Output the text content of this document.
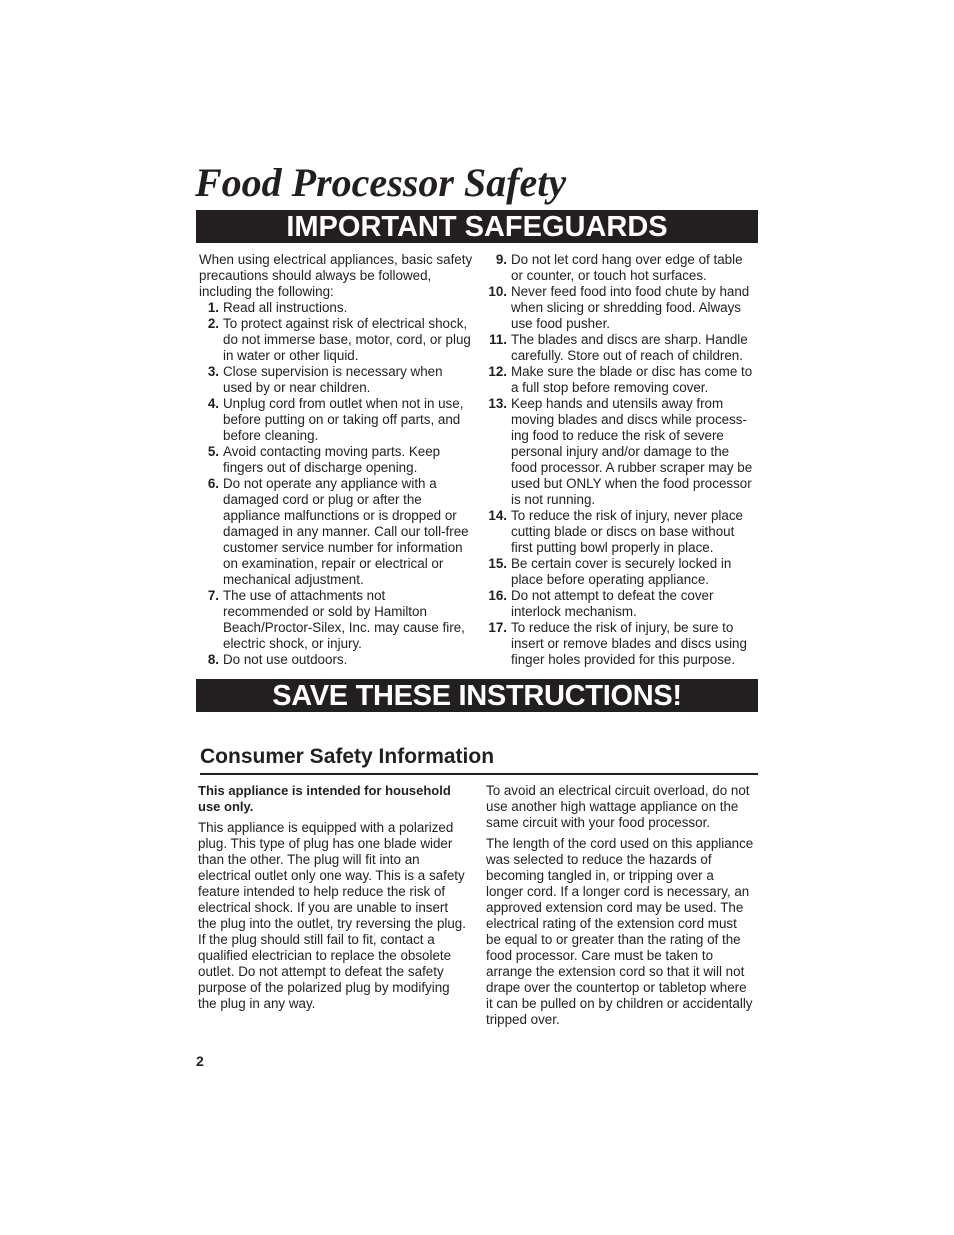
Food Processor Safety
IMPORTANT SAFEGUARDS

When using electrical appliances, basic safety precautions should always be followed, including the following:

1. Read all instructions.
2. To protect against risk of electrical shock, do not immerse base, motor, cord, or plug in water or other liquid.
3. Close supervision is necessary when used by or near children.
4. Unplug cord from outlet when not in use, before putting on or taking off parts, and before cleaning.
5. Avoid contacting moving parts. Keep fingers out of discharge opening.
6. Do not operate any appliance with a damaged cord or plug or after the appliance malfunctions or is dropped or damaged in any manner. Call our toll-free customer service number for information on examination, repair or electrical or mechanical adjustment.
7. The use of attachments not recommended or sold by Hamilton Beach/Proctor-Silex, Inc. may cause fire, electric shock, or injury.
8. Do not use outdoors.
9. Do not let cord hang over edge of table or counter, or touch hot surfaces.
10. Never feed food into food chute by hand when slicing or shredding food. Always use food pusher.
11. The blades and discs are sharp. Handle carefully. Store out of reach of children.
12. Make sure the blade or disc has come to a full stop before removing cover.
13. Keep hands and utensils away from moving blades and discs while processing food to reduce the risk of severe personal injury and/or damage to the food processor. A rubber scraper may be used but ONLY when the food processor is not running.
14. To reduce the risk of injury, never place cutting blade or discs on base without first putting bowl properly in place.
15. Be certain cover is securely locked in place before operating appliance.
16. Do not attempt to defeat the cover interlock mechanism.
17. To reduce the risk of injury, be sure to insert or remove blades and discs using finger holes provided for this purpose.
SAVE THESE INSTRUCTIONS!
Consumer Safety Information

This appliance is intended for household use only.

This appliance is equipped with a polarized plug. This type of plug has one blade wider than the other. The plug will fit into an electrical outlet only one way. This is a safety feature intended to help reduce the risk of electrical shock. If you are unable to insert the plug into the outlet, try reversing the plug. If the plug should still fail to fit, contact a qualified electrician to replace the obsolete outlet. Do not attempt to defeat the safety purpose of the polarized plug by modifying the plug in any way.

To avoid an electrical circuit overload, do not use another high wattage appliance on the same circuit with your food processor.

The length of the cord used on this appliance was selected to reduce the hazards of becoming tangled in, or tripping over a longer cord. If a longer cord is necessary, an approved extension cord may be used. The electrical rating of the extension cord must be equal to or greater than the rating of the food processor. Care must be taken to arrange the extension cord so that it will not drape over the countertop or tabletop where it can be pulled on by children or accidentally tripped over.

2
